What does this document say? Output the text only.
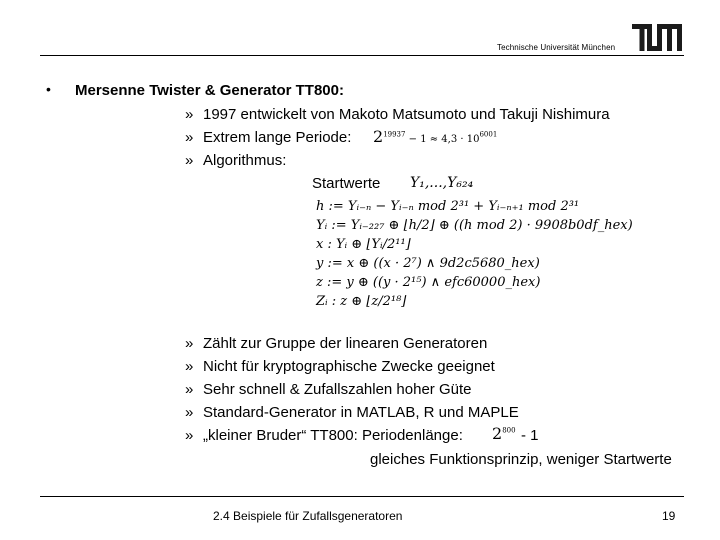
Technische Universität München
• Mersenne Twister & Generator TT800:
» 1997 entwickelt von Makoto Matsumoto und Takuji Nishimura
» Extrem lange Periode: $2^{19937} - 1 \approx 4,3 \cdot 10^{6001}$
» Algorithmus:
Startwerte Y₁,...,Y₆₂₄
h := Yᵢ₋ₙ − Yᵢ₋ₙ mod 2³¹ + Yᵢ₋ₙ₊₁ mod 2³¹
Yᵢ := Yᵢ₋₂₂₇ ⊕ ⌊h/2⌋ ⊕ ((h mod 2) · 9908b0df_hex)
x : Yᵢ ⊕ ⌊Yᵢ/2¹¹⌋
y := x ⊕ ((x · 2⁷) ∧ 9d2c5680_hex)
z := y ⊕ ((y · 2¹⁵) ∧ efc60000_hex)
Zᵢ : z ⊕ ⌊z/2¹⁸⌋
» Zählt zur Gruppe der linearen Generatoren
» Nicht für kryptographische Zwecke geeignet
» Sehr schnell & Zufallszahlen hoher Güte
» Standard-Generator in MATLAB, R und MAPLE
» „kleiner Bruder“ TT800: Periodenlänge: $2^{800} - 1$
gleiches Funktionsprinzip, weniger Startwerte
2.4 Beispiele für Zufallsgeneratoren	19
